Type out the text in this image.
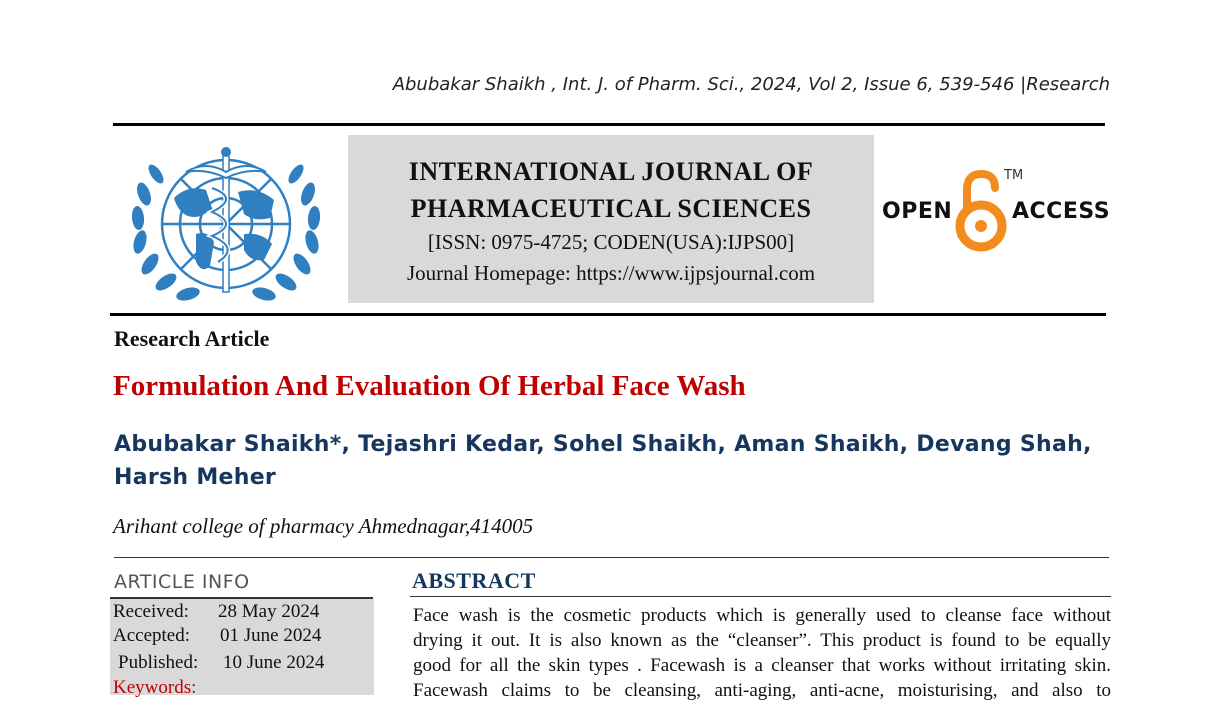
Abubakar Shaikh , Int. J. of Pharm. Sci., 2024, Vol 2, Issue 6, 539-546 |Research
INTERNATIONAL JOURNAL OF
PHARMACEUTICAL SCIENCES
[ISSN: 0975-4725; CODEN(USA):IJPS00]
Journal Homepage: https://www.ijpsjournal.com
OPEN	ACCESS
TM
Research Article
Formulation And Evaluation Of Herbal Face Wash
Abubakar Shaikh*, Tejashri Kedar, Sohel Shaikh, Aman Shaikh, Devang Shah,
Harsh Meher
Arihant college of pharmacy Ahmednagar,414005
ARTICLE INFO
Received: 28 May 2024
Accepted: 01 June 2024
Published: 10 June 2024
Keywords:
ABSTRACT

Face wash is the cosmetic products which is generally used to cleanse face without

drying it out. It is also known as the “cleanser”. This product is found to be equally

good for all the skin types . Facewash is a cleanser that works without irritating skin.

Facewash claims to be cleansing, anti-aging, anti-acne, moisturising, and also to
